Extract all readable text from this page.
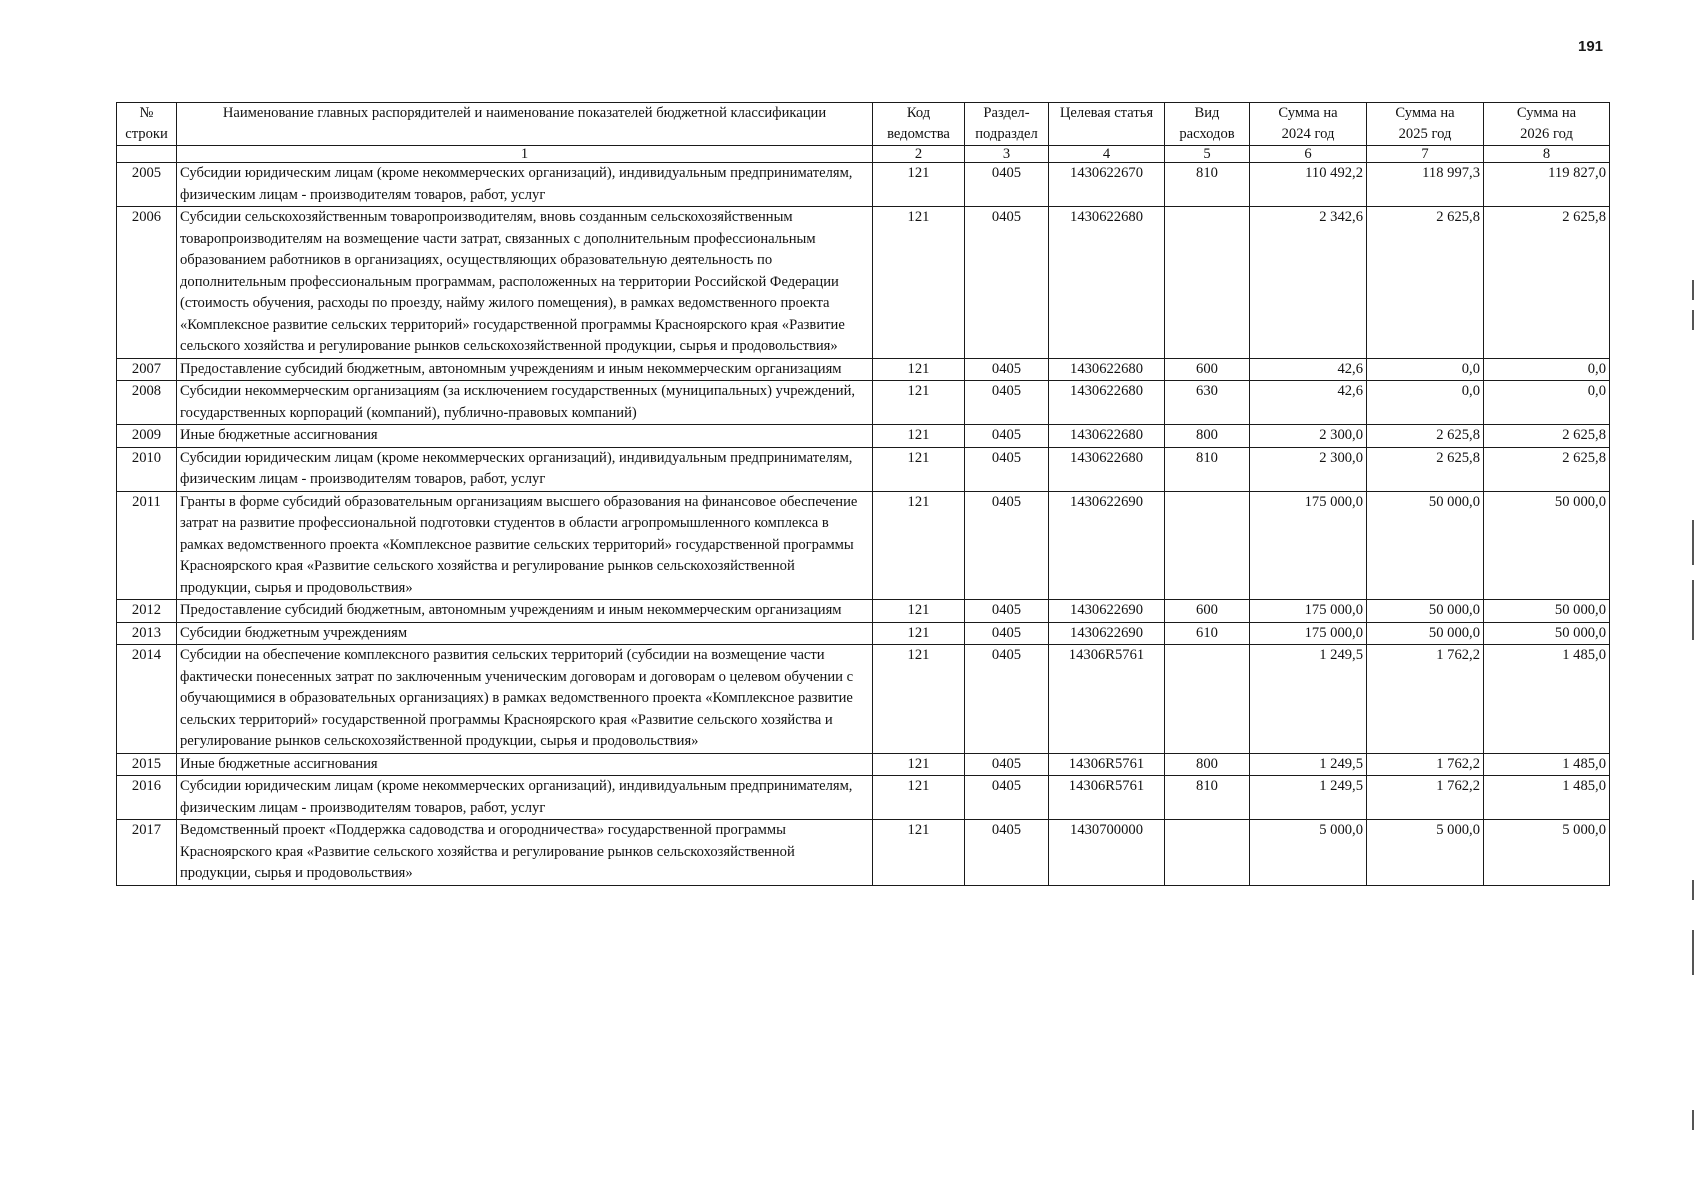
191
№ строки	Наименование главных распорядителей и наименование показателей бюджетной классификации	Код ведомства	Раздел-подраздел	Целевая статья	Вид расходов	Сумма на 2024 год	Сумма на 2025 год	Сумма на 2026 год
	1	2	3	4	5	6	7	8
2005	Субсидии юридическим лицам (кроме некоммерческих организаций), индивидуальным предпринимателям, физическим лицам - производителям товаров, работ, услуг	121	0405	1430622670	810	110 492,2	118 997,3	119 827,0
2006	Субсидии сельскохозяйственным товаропроизводителям, вновь созданным сельскохозяйственным товаропроизводителям на возмещение части затрат, связанных с дополнительным профессиональным образованием работников в организациях, осуществляющих образовательную деятельность по дополнительным профессиональным программам, расположенных на территории Российской Федерации (стоимость обучения, расходы по проезду, найму жилого помещения), в рамках ведомственного проекта «Комплексное развитие сельских территорий» государственной программы Красноярского края «Развитие сельского хозяйства и регулирование рынков сельскохозяйственной продукции, сырья и продовольствия»	121	0405	1430622680		2 342,6	2 625,8	2 625,8
2007	Предоставление субсидий бюджетным, автономным учреждениям и иным некоммерческим организациям	121	0405	1430622680	600	42,6	0,0	0,0
2008	Субсидии некоммерческим организациям (за исключением государственных (муниципальных) учреждений, государственных корпораций (компаний), публично-правовых компаний)	121	0405	1430622680	630	42,6	0,0	0,0
2009	Иные бюджетные ассигнования	121	0405	1430622680	800	2 300,0	2 625,8	2 625,8
2010	Субсидии юридическим лицам (кроме некоммерческих организаций), индивидуальным предпринимателям, физическим лицам - производителям товаров, работ, услуг	121	0405	1430622680	810	2 300,0	2 625,8	2 625,8
2011	Гранты в форме субсидий образовательным организациям высшего образования на финансовое обеспечение затрат на развитие профессиональной подготовки студентов в области агропромышленного комплекса в рамках ведомственного проекта «Комплексное развитие сельских территорий» государственной программы Красноярского края «Развитие сельского хозяйства и регулирование рынков сельскохозяйственной продукции, сырья и продовольствия»	121	0405	1430622690		175 000,0	50 000,0	50 000,0
2012	Предоставление субсидий бюджетным, автономным учреждениям и иным некоммерческим организациям	121	0405	1430622690	600	175 000,0	50 000,0	50 000,0
2013	Субсидии бюджетным учреждениям	121	0405	1430622690	610	175 000,0	50 000,0	50 000,0
2014	Субсидии на обеспечение комплексного развития сельских территорий (субсидии на возмещение части фактически понесенных затрат по заключенным ученическим договорам и договорам о целевом обучении с обучающимися в образовательных организациях) в рамках ведомственного проекта «Комплексное развитие сельских территорий» государственной программы Красноярского края «Развитие сельского хозяйства и регулирование рынков сельскохозяйственной продукции, сырья и продовольствия»	121	0405	14306R5761		1 249,5	1 762,2	1 485,0
2015	Иные бюджетные ассигнования	121	0405	14306R5761	800	1 249,5	1 762,2	1 485,0
2016	Субсидии юридическим лицам (кроме некоммерческих организаций), индивидуальным предпринимателям, физическим лицам - производителям товаров, работ, услуг	121	0405	14306R5761	810	1 249,5	1 762,2	1 485,0
2017	Ведомственный проект «Поддержка садоводства и огородничества» государственной программы Красноярского края «Развитие сельского хозяйства и регулирование рынков сельскохозяйственной продукции, сырья и продовольствия»	121	0405	1430700000		5 000,0	5 000,0	5 000,0
